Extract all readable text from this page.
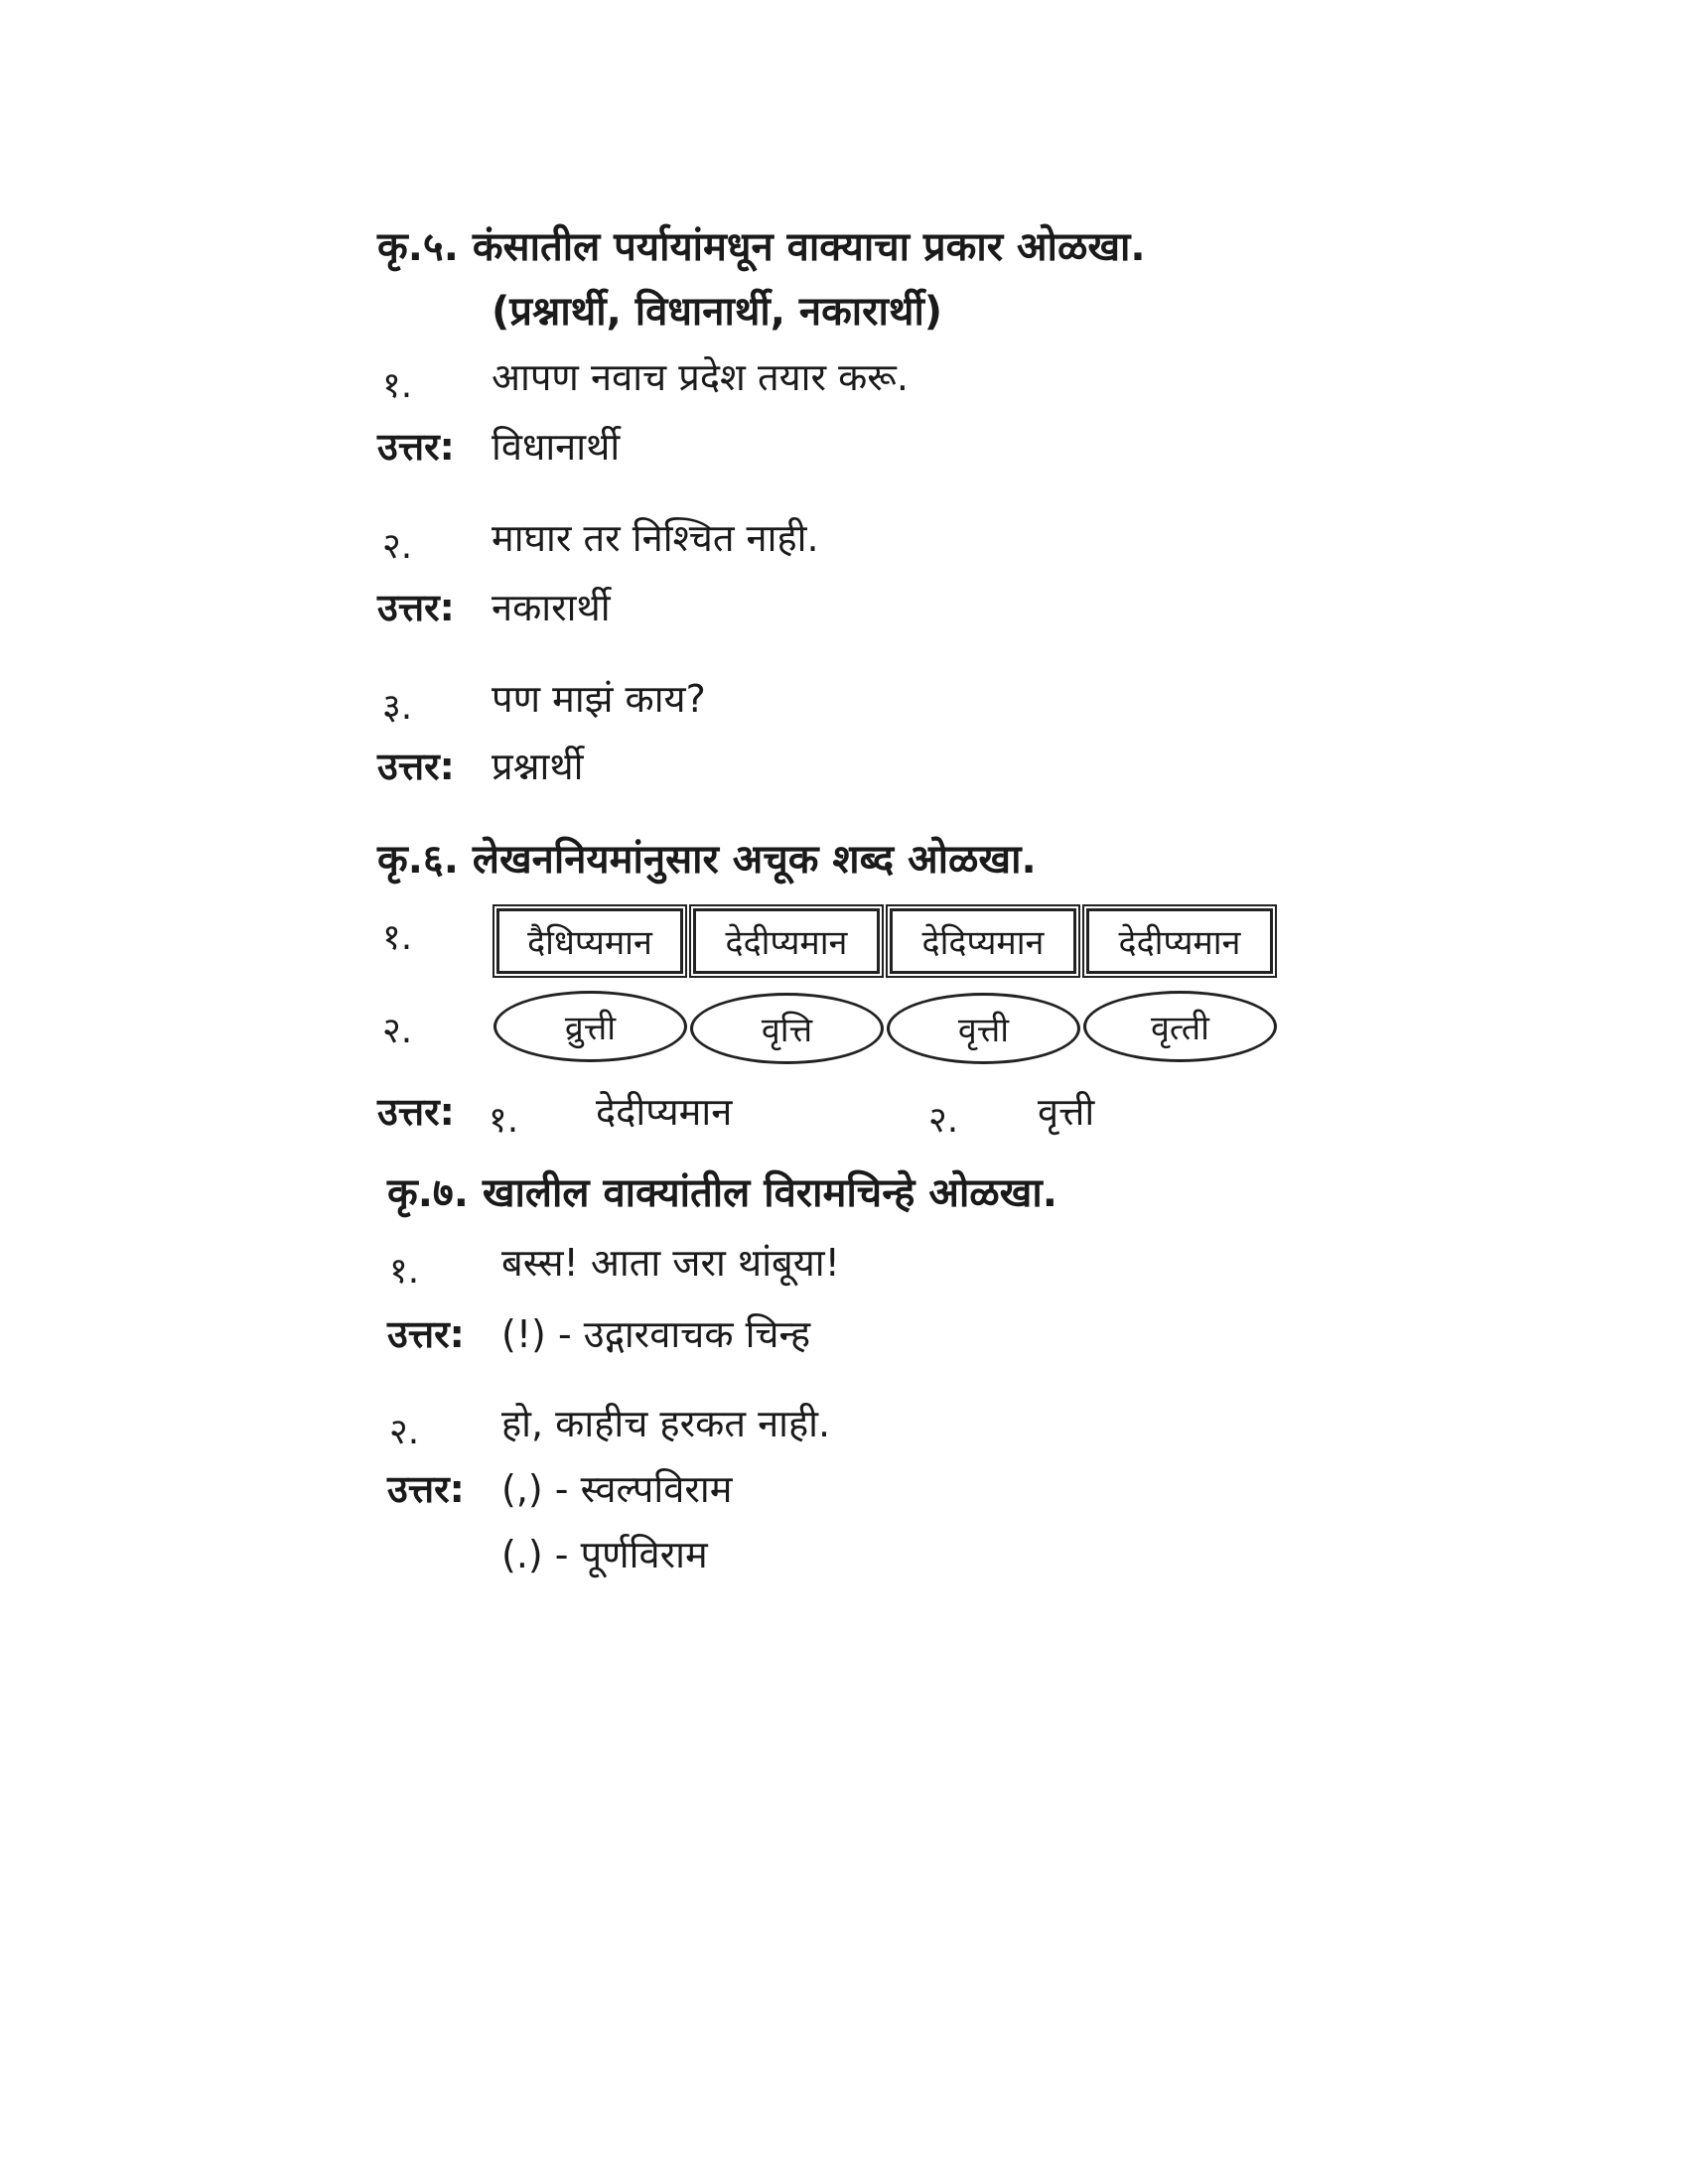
कृ.५. कंसातील पर्यायांमधून वाक्याचा प्रकार ओळखा.
(प्रश्नार्थी, विधानार्थी, नकारार्थी)
१. आपण नवाच प्रदेश तयार करू.
उत्तर: विधानार्थी
२. माघार तर निश्चित नाही.
उत्तर: नकारार्थी
३. पण माझं काय?
उत्तर: प्रश्नार्थी
कृ.६. लेखननियमांनुसार अचूक शब्द ओळखा.
१.	दैधिप्यमान देदीप्यमान देदिप्यमान देदीप्‍यमान
२.	व्रुत्ती	वृत्ति	वृत्ती	वृत्‍ती
उत्तर: १. देदीप्यमान	२. वृत्ती
कृ.७. खालील वाक्यांतील विरामचिन्हे ओळखा.
१. बस्स! आता जरा थांबूया!
उत्तर: (!) - उद्गारवाचक चिन्ह
२. हो, काहीच हरकत नाही.
उत्तर: (,) - स्वल्पविराम
(.) - पूर्णविराम
